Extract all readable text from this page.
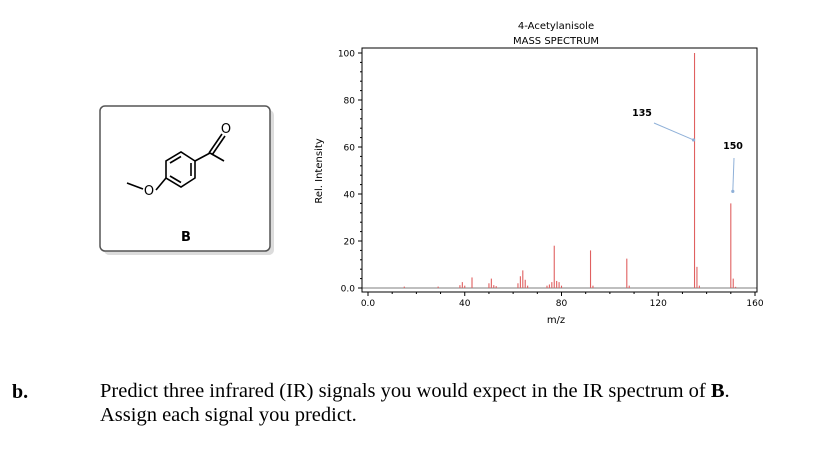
O
O
B
4-Acetylanisole
MASS SPECTRUM
135
150
0.0
20
40
60
80
100
0.0	40	80	120	160
m/z
Rel. Intensity
b.	Predict three infrared (IR) signals you would expect in the IR spectrum of B.
Assign each signal you predict.
